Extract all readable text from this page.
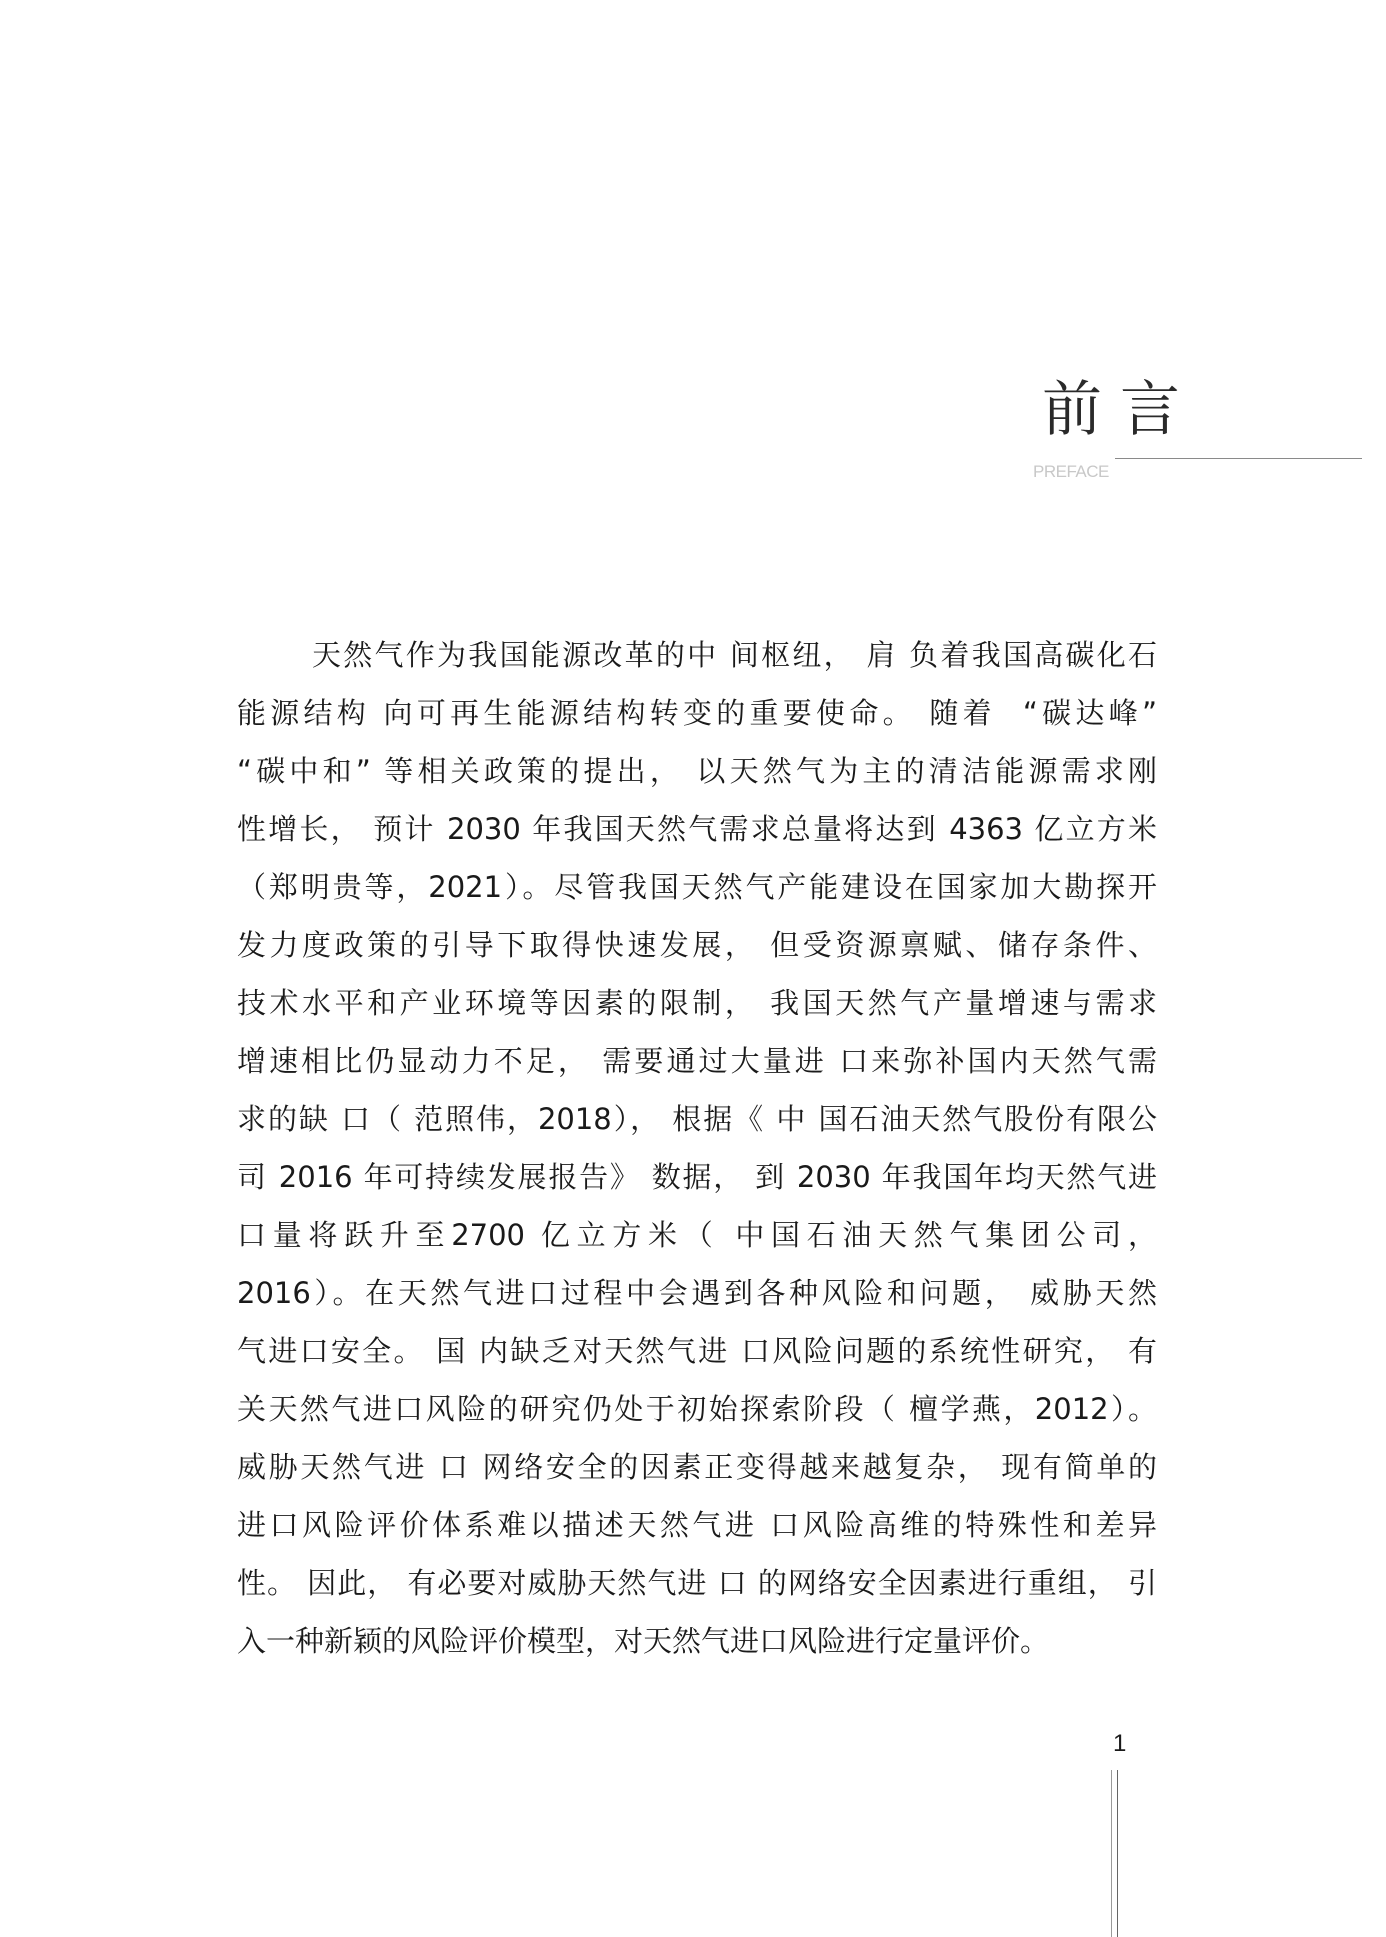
前言
PREFACE
天然气作为我国能源改革的中 间枢纽， 肩 负着我国高碳化石
能源结构 向可再生能源结构转变的重要使命。 随着  “碳达峰”
“碳中和” 等相关政策的提出， 以天然气为主的清洁能源需求刚
性增长， 预计 2030 年我国天然气需求总量将达到 4363 亿立方米
（郑明贵等，2021）。尽管我国天然气产能建设在国家加大勘探开
发力度政策的引导下取得快速发展， 但受资源禀赋、储存条件、
技术水平和产业环境等因素的限制， 我国天然气产量增速与需求
增速相比仍显动力不足， 需要通过大量进 口来弥补国内天然气需
求的缺 口（ 范照伟，2018）， 根据《 中 国石油天然气股份有限公
司 2016 年可持续发展报告》 数据， 到 2030 年我国年均天然气进
口量将跃升至2700 亿立方米（ 中国石油天然气集团公司，
2016）。在天然气进口过程中会遇到各种风险和问题， 威胁天然
气进口安全。 国 内缺乏对天然气进 口风险问题的系统性研究， 有
关天然气进口风险的研究仍处于初始探索阶段（ 檀学燕，2012）。
威胁天然气进 口 网络安全的因素正变得越来越复杂， 现有简单的
进口风险评价体系难以描述天然气进 口风险高维的特殊性和差异
性。 因此， 有必要对威胁天然气进 口 的网络安全因素进行重组， 引
入一种新颖的风险评价模型，对天然气进口风险进行定量评价。
1
